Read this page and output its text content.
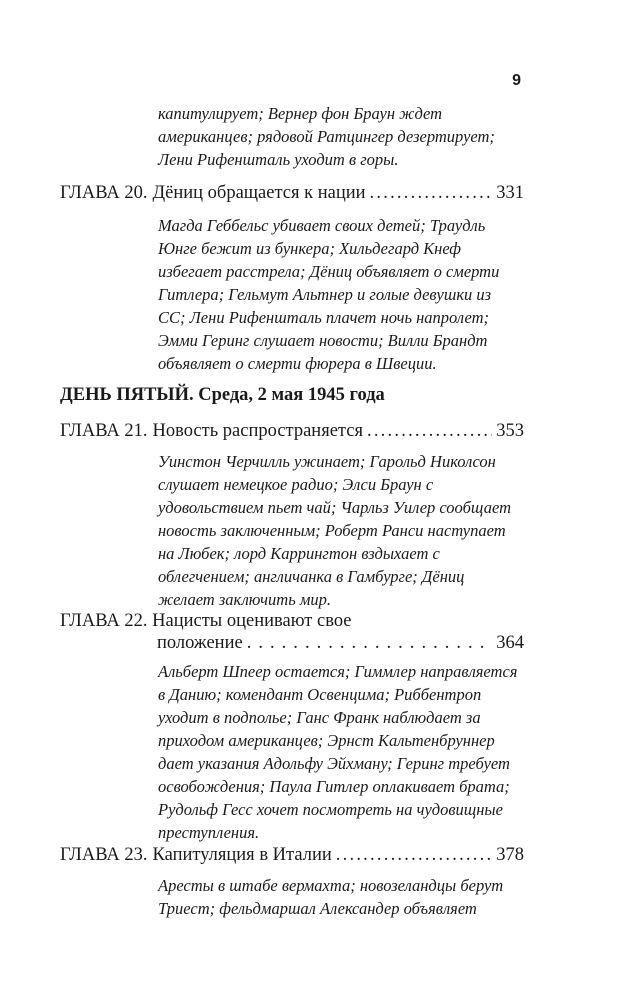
9
капитулирует; Вернер фон Браун ждет
американцев; рядовой Ратцингер дезертирует;
Лени Рифеншталь уходит в горы.
ГЛАВА 20. Дёниц обращается к нации . . .	331
Магда Геббельс убивает своих детей; Траудль
Юнге бежит из бункера; Хильдегард Кнеф
избегает расстрела; Дёниц объявляет о смерти
Гитлера; Гельмут Альтнер и голые девушки из
СС; Лени Рифеншталь плачет ночь напролет;
Эмми Геринг слушает новости; Вилли Брандт
объявляет о смерти фюрера в Швеции.
ДЕНЬ ПЯТЫЙ. Среда, 2 мая 1945 года
ГЛАВА 21. Новость распространяется . . .	353
Уинстон Черчилль ужинает; Гарольд Николсон
слушает немецкое радио; Элси Браун с
удовольствием пьет чай; Чарльз Уилер сообщает
новость заключенным; Роберт Ранси наступает
на Любек; лорд Каррингтон вздыхает с
облегчением; англичанка в Гамбурге; Дёниц
желает заключить мир.
ГЛАВА 22. Нацисты оценивают свое
положение . . .	364
Альберт Шпеер остается; Гиммлер направляется
в Данию; комендант Освенцима; Риббентроп
уходит в подполье; Ганс Франк наблюдает за
приходом американцев; Эрнст Кальтенбруннер
дает указания Адольфу Эйхману; Геринг требует
освобождения; Паула Гитлер оплакивает брата;
Рудольф Гесс хочет посмотреть на чудовищные
преступления.
ГЛАВА 23. Капитуляция в Италии . . .	378
Аресты в штабе вермахта; новозеландцы берут
Триест; фельдмаршал Александер объявляет
